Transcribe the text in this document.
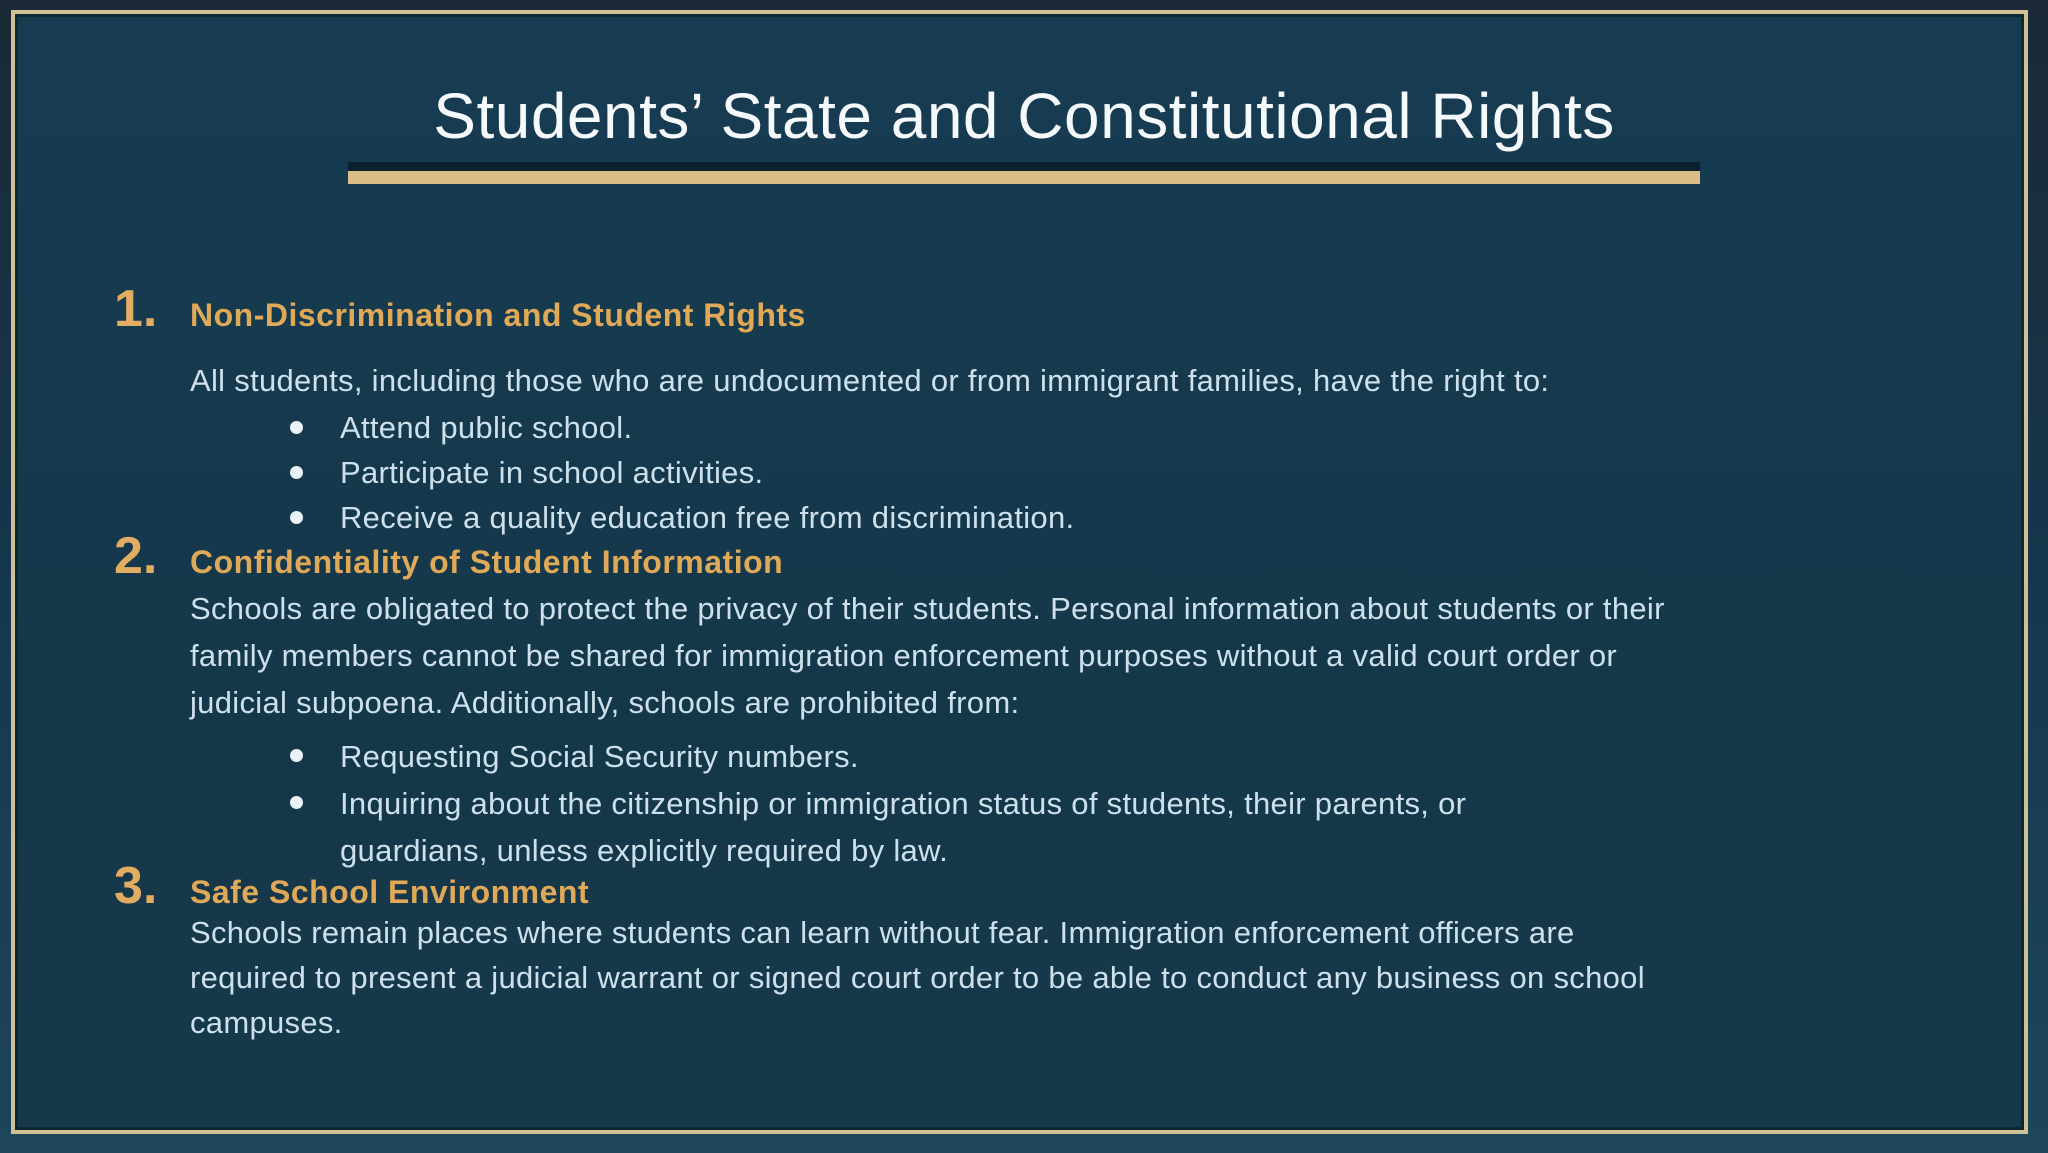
Students’ State and Constitutional Rights
1.	Non-Discrimination and Student Rights
All students, including those who are undocumented or from immigrant families, have the right to:
Attend public school.
Participate in school activities.
Receive a quality education free from discrimination.
2.	Confidentiality of Student Information
Schools are obligated to protect the privacy of their students. Personal information about students or their
family members cannot be shared for immigration enforcement purposes without a valid court order or
judicial subpoena. Additionally, schools are prohibited from:
Requesting Social Security numbers.
Inquiring about the citizenship or immigration status of students, their parents, or
guardians, unless explicitly required by law.
3.	Safe School Environment
Schools remain places where students can learn without fear. Immigration enforcement officers are
required to present a judicial warrant or signed court order to be able to conduct any business on school
campuses.
